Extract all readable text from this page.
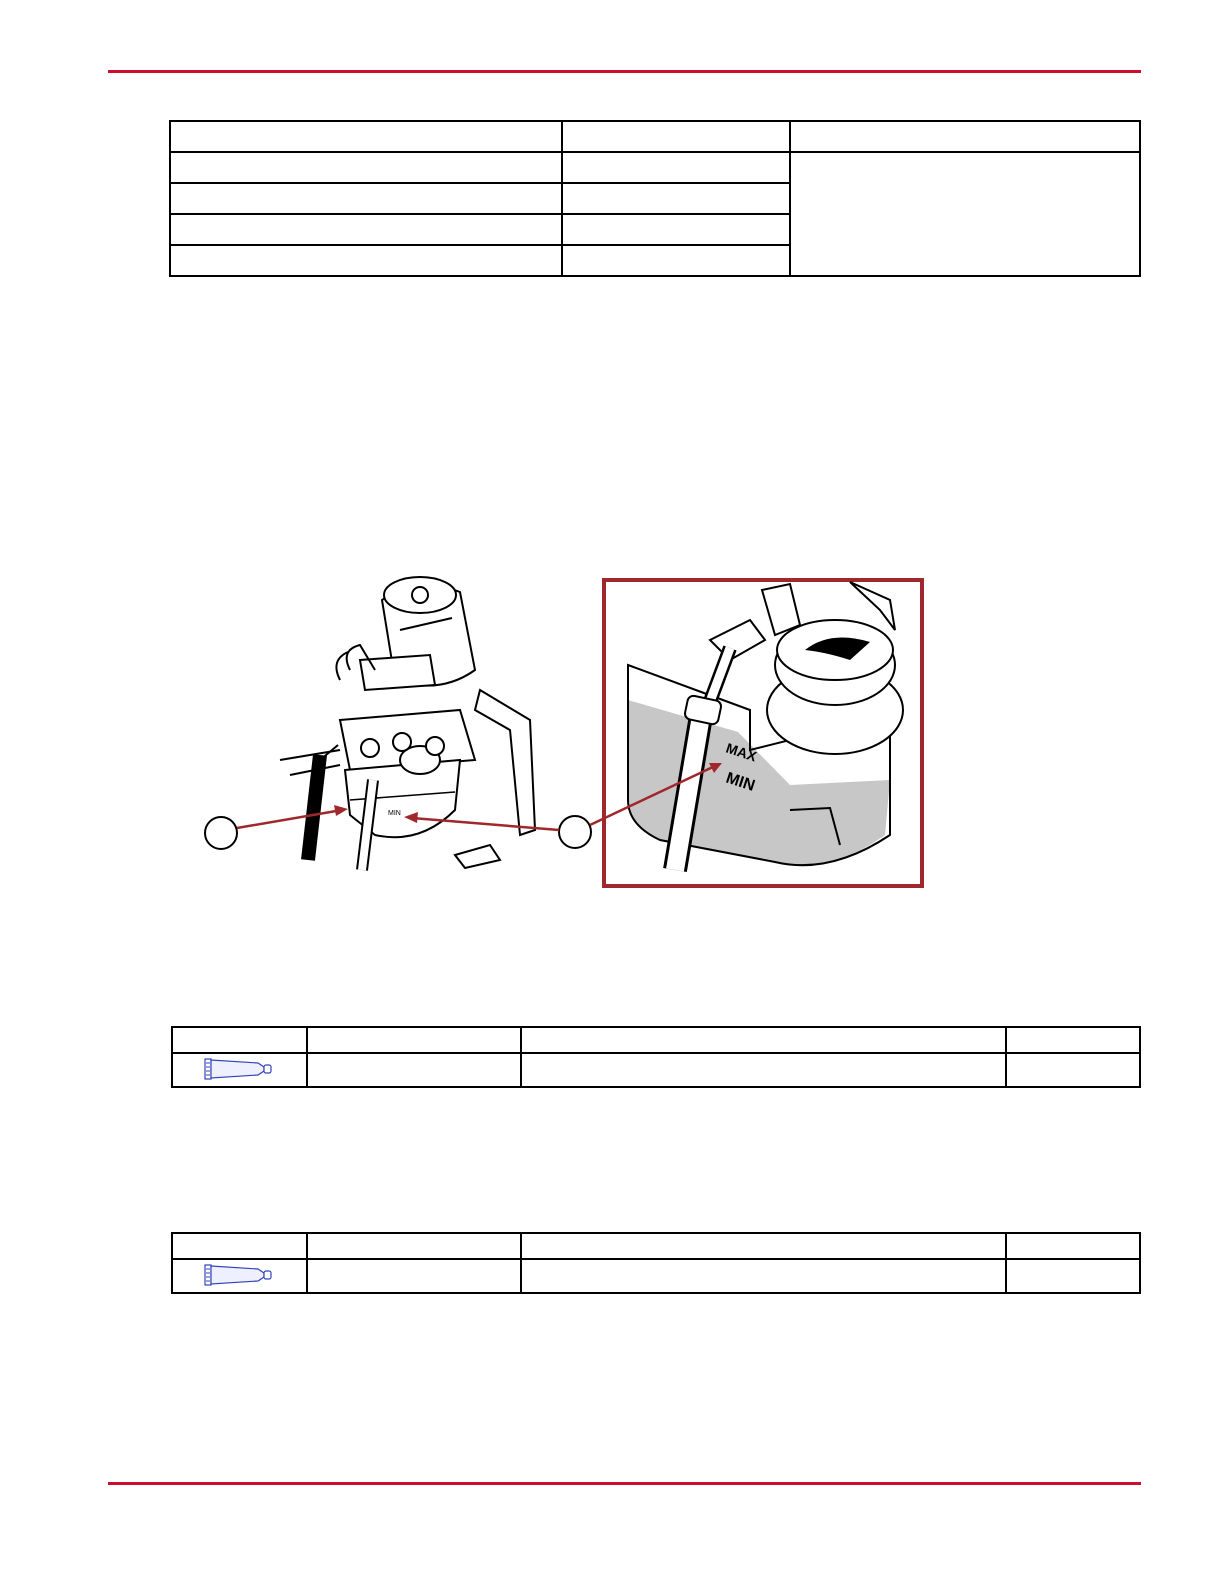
MIN
MAX
MIN
